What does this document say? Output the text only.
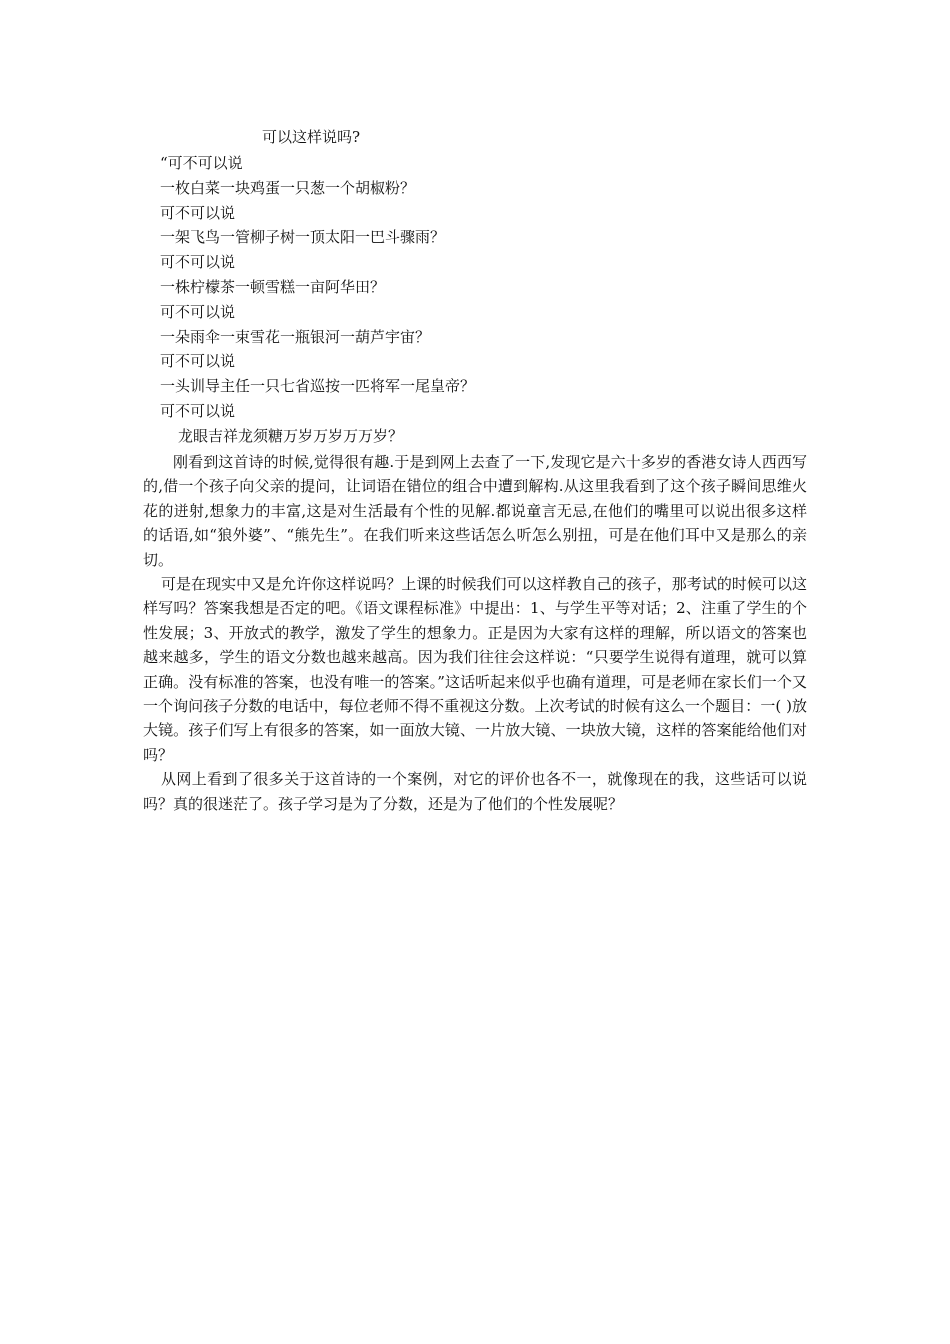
可以这样说吗?
“可不可以说
一枚白菜一块鸡蛋一只葱一个胡椒粉？
可不可以说
一架飞鸟一管柳子树一顶太阳一巴斗骤雨？
可不可以说
一株柠檬茶一顿雪糕一亩阿华田？
可不可以说
一朵雨伞一束雪花一瓶银河一葫芦宇宙？
可不可以说
一头训导主任一只七省巡按一匹将军一尾皇帝？
可不可以说
龙眼吉祥龙须糖万岁万岁万万岁？

刚看到这首诗的时候,觉得很有趣.于是到网上去查了一下,发现它是六十多岁的香港女诗人西西写的,借一个孩子向父亲的提问，让词语在错位的组合中遭到解构.从这里我看到了这个孩子瞬间思维火花的迸射,想象力的丰富,这是对生活最有个性的见解.都说童言无忌,在他们的嘴里可以说出很多这样的话语,如“狼外婆”、“熊先生”。在我们听来这些话怎么听怎么别扭，可是在他们耳中又是那么的亲切。

可是在现实中又是允许你这样说吗？上课的时候我们可以这样教自己的孩子，那考试的时候可以这样写吗？答案我想是否定的吧。《语文课程标准》中提出：1、与学生平等对话；2、注重了学生的个性发展；3、开放式的教学，激发了学生的想象力。正是因为大家有这样的理解，所以语文的答案也越来越多，学生的语文分数也越来越高。因为我们往往会这样说：“只要学生说得有道理，就可以算正确。没有标准的答案，也没有唯一的答案。”这话听起来似乎也确有道理，可是老师在家长们一个又一个询问孩子分数的电话中，每位老师不得不重视这分数。上次考试的时候有这么一个题目：一( )放大镜。孩子们写上有很多的答案，如一面放大镜、一片放大镜、一块放大镜，这样的答案能给他们对吗？

从网上看到了很多关于这首诗的一个案例，对它的评价也各不一，就像现在的我，这些话可以说吗？真的很迷茫了。孩子学习是为了分数，还是为了他们的个性发展呢？
